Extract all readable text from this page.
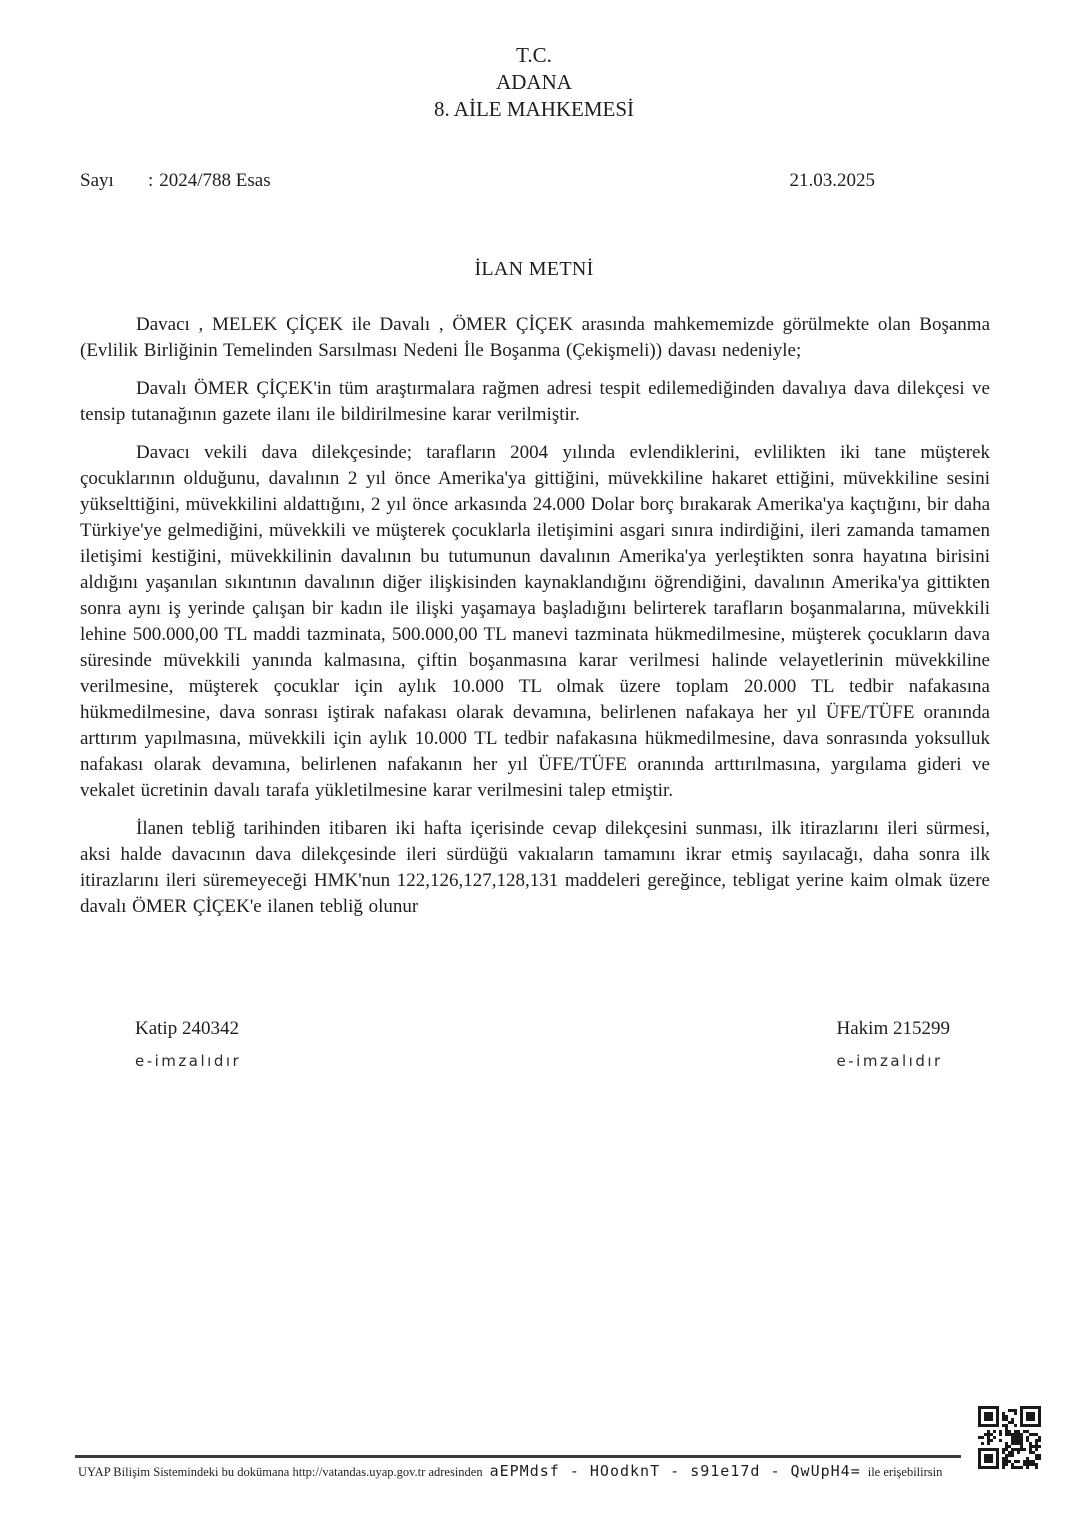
T.C.
ADANA
8. AİLE MAHKEMESİ
Sayı	: 2024/788 Esas	21.03.2025
İLAN METNİ

Davacı , MELEK ÇİÇEK ile Davalı , ÖMER ÇİÇEK arasında mahkememizde görülmekte olan Boşanma (Evlilik Birliğinin Temelinden Sarsılması Nedeni İle Boşanma (Çekişmeli)) davası nedeniyle;

Davalı ÖMER ÇİÇEK'in tüm araştırmalara rağmen adresi tespit edilemediğinden davalıya dava dilekçesi ve tensip tutanağının gazete ilanı ile bildirilmesine karar verilmiştir.

Davacı vekili dava dilekçesinde; tarafların 2004 yılında evlendiklerini, evlilikten iki tane müşterek çocuklarının olduğunu, davalının 2 yıl önce Amerika'ya gittiğini, müvekkiline hakaret ettiğini, müvekkiline sesini yükselttiğini, müvekkilini aldattığını, 2 yıl önce arkasında 24.000 Dolar borç bırakarak Amerika'ya kaçtığını, bir daha Türkiye'ye gelmediğini, müvekkili ve müşterek çocuklarla iletişimini asgari sınıra indirdiğini, ileri zamanda tamamen iletişimi kestiğini, müvekkilinin davalının bu tutumunun davalının Amerika'ya yerleştikten sonra hayatına birisini aldığını yaşanılan sıkıntının davalının diğer ilişkisinden kaynaklandığını öğrendiğini, davalının Amerika'ya gittikten sonra aynı iş yerinde çalışan bir kadın ile ilişki yaşamaya başladığını belirterek tarafların boşanmalarına, müvekkili lehine 500.000,00 TL maddi tazminata, 500.000,00 TL manevi tazminata hükmedilmesine, müşterek çocukların dava süresinde müvekkili yanında kalmasına, çiftin boşanmasına karar verilmesi halinde velayetlerinin müvekkiline verilmesine, müşterek çocuklar için aylık 10.000 TL olmak üzere toplam 20.000 TL tedbir nafakasına hükmedilmesine, dava sonrası iştirak nafakası olarak devamına, belirlenen nafakaya her yıl ÜFE/TÜFE oranında arttırım yapılmasına, müvekkili için aylık 10.000 TL tedbir nafakasına hükmedilmesine, dava sonrasında yoksulluk nafakası olarak devamına, belirlenen nafakanın her yıl ÜFE/TÜFE oranında arttırılmasına, yargılama gideri ve vekalet ücretinin davalı tarafa yükletilmesine karar verilmesini talep etmiştir.

İlanen tebliğ tarihinden itibaren iki hafta içerisinde cevap dilekçesini sunması, ilk itirazlarını ileri sürmesi, aksi halde davacının dava dilekçesinde ileri sürdüğü vakıaların tamamını ikrar etmiş sayılacağı, daha sonra ilk itirazlarını ileri süremeyeceği HMK'nun 122,126,127,128,131 maddeleri gereğince, tebligat yerine kaim olmak üzere davalı ÖMER ÇİÇEK'e ilanen tebliğ olunur

Katip 240342
e-imzalıdır
Hakim 215299
e-imzalıdır
UYAP Bilişim Sistemindeki bu dokümana http://vatandas.uyap.gov.tr adresinden aEPMdsf - HOodknT - s91e17d - QwUpH4= ile erişebilirsin
